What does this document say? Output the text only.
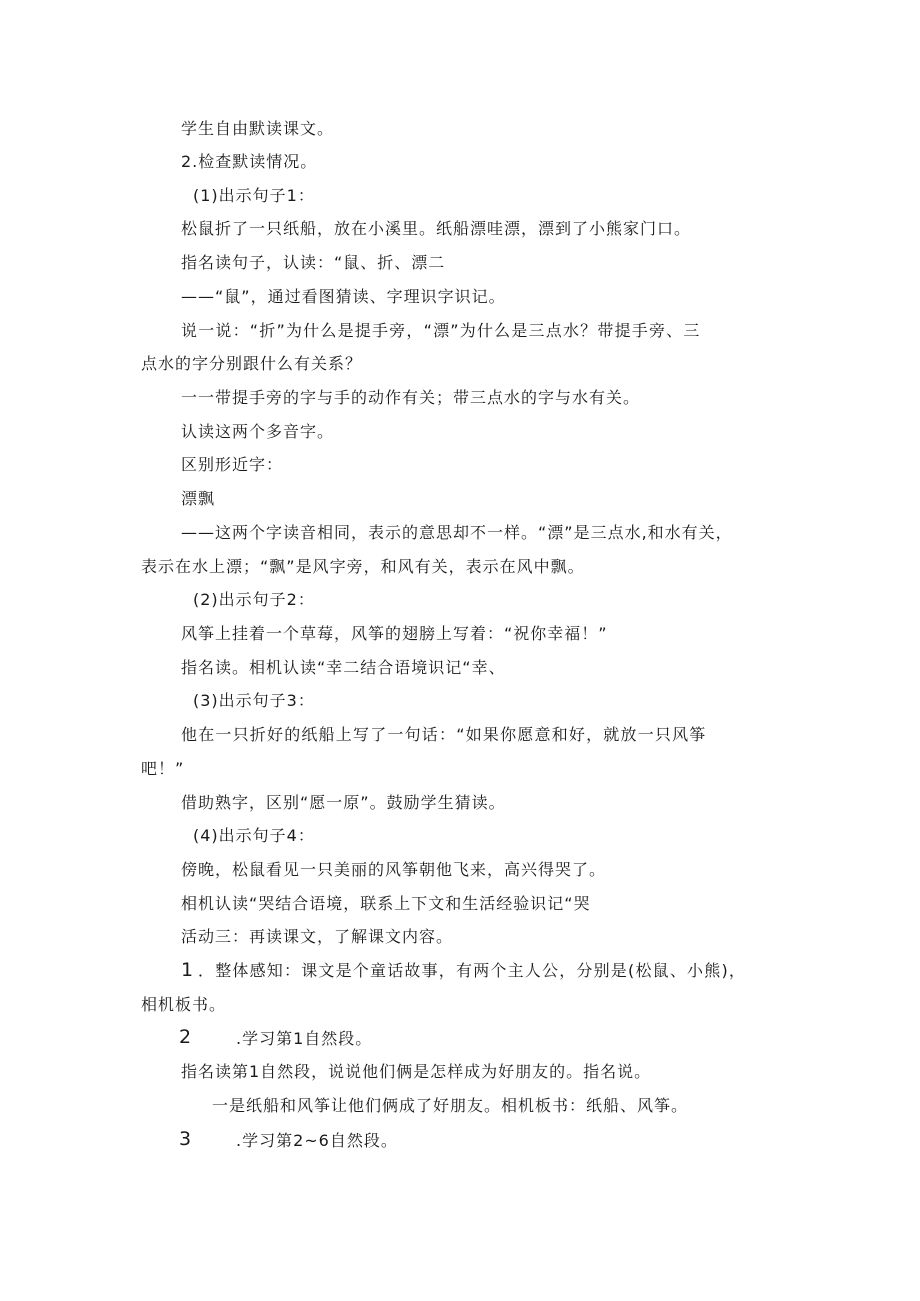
学生自由默读课文。
2.检查默读情况。
(1)出示句子1：
松鼠折了一只纸船，放在小溪里。纸船漂哇漂，漂到了小熊家门口。
指名读句子，认读：“鼠、折、漂二
——“鼠”，通过看图猜读、字理识字识记。
说一说：“折”为什么是提手旁，“漂”为什么是三点水？带提手旁、三
点水的字分别跟什么有关系？
一一带提手旁的字与手的动作有关；带三点水的字与水有关。
认读这两个多音字。
区别形近字：
漂飘
——这两个字读音相同，表示的意思却不一样。“漂”是三点水,和水有关，
表示在水上漂；“飘”是风字旁，和风有关，表示在风中飘。
(2)出示句子2：
风筝上挂着一个草莓，风筝的翅膀上写着：“祝你幸福！”
指名读。相机认读“幸二结合语境识记“幸、
(3)出示句子3：
他在一只折好的纸船上写了一句话：“如果你愿意和好，就放一只风筝
吧！”
借助熟字，区别“愿一原”。鼓励学生猜读。
(4)出示句子4：
傍晚，松鼠看见一只美丽的风筝朝他飞来，高兴得哭了。
相机认读“哭结合语境，联系上下文和生活经验识记“哭
活动三：再读课文，了解课文内容。
1 ．整体感知：课文是个童话故事，有两个主人公，分别是(松鼠、小熊)，
相机板书。
2	.学习第1自然段。
指名读第1自然段，说说他们俩是怎样成为好朋友的。指名说。
一是纸船和风筝让他们俩成了好朋友。相机板书：纸船、风筝。
3	.学习第2~6自然段。
